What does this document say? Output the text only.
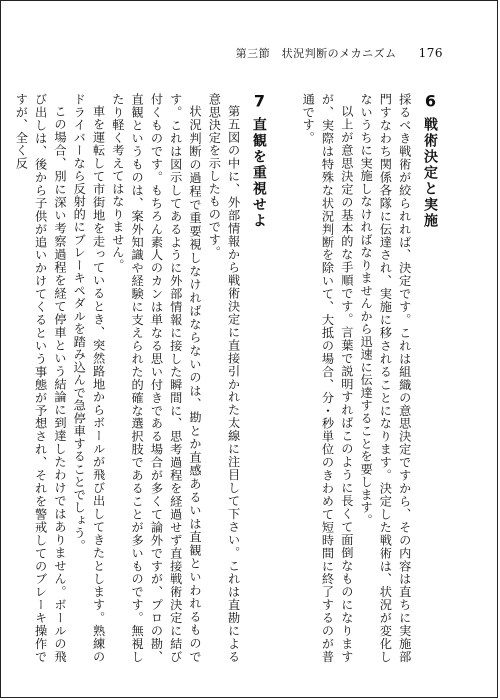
第三節　状況判断のメカニズム 176

6戦術決定と実施

採るべき戦術が絞られれば、決定です。これは組織の意思決定ですから、その内容は直ちに実施部門すなわち関係各隊に伝達され、実施に移されることになります。決定した戦術は、状況が変化しないうちに実施しなければなりませんから迅速に伝達することを要します。

以上が意思決定の基本的な手順です。言葉で説明すればこのように長くて面倒なものになりますが、実際は特殊な状況判断を除いて、大抵の場合、分・秒単位のきわめて短時間に終了するのが普通です。

7直観を重視せよ

第五図の中に、外部情報から戦術決定に直接引かれた太線に注目して下さい。これは直勘による意思決定を示したものです。

状況判断の過程で重要視しなければならないのは、勘とか直感あるいは直観といわれるものです。これは図示してあるように外部情報に接した瞬間に、思考過程を経過せず直接戦術決定に結び付くものです。もちろん素人のカンは単なる思い付きである場合が多くて論外ですが、プロの勘、直観というものは、案外知識や経験に支えられた的確な選択肢であることが多いものです。無視したり軽く考えてはなりません。

車を運転して市街地を走っているとき、突然路地からボールが飛び出してきたとします。熟練のドライバーなら反射的にブレーキペダルを踏み込んで急停車することでしょう。

この場合、別に深い考察過程を経て停車という結論に到達したわけではありません。ボールの飛び出しは、後から子供が追いかけてくるという事態が予想され、それを警戒してのブレーキ操作ですが、全く反
